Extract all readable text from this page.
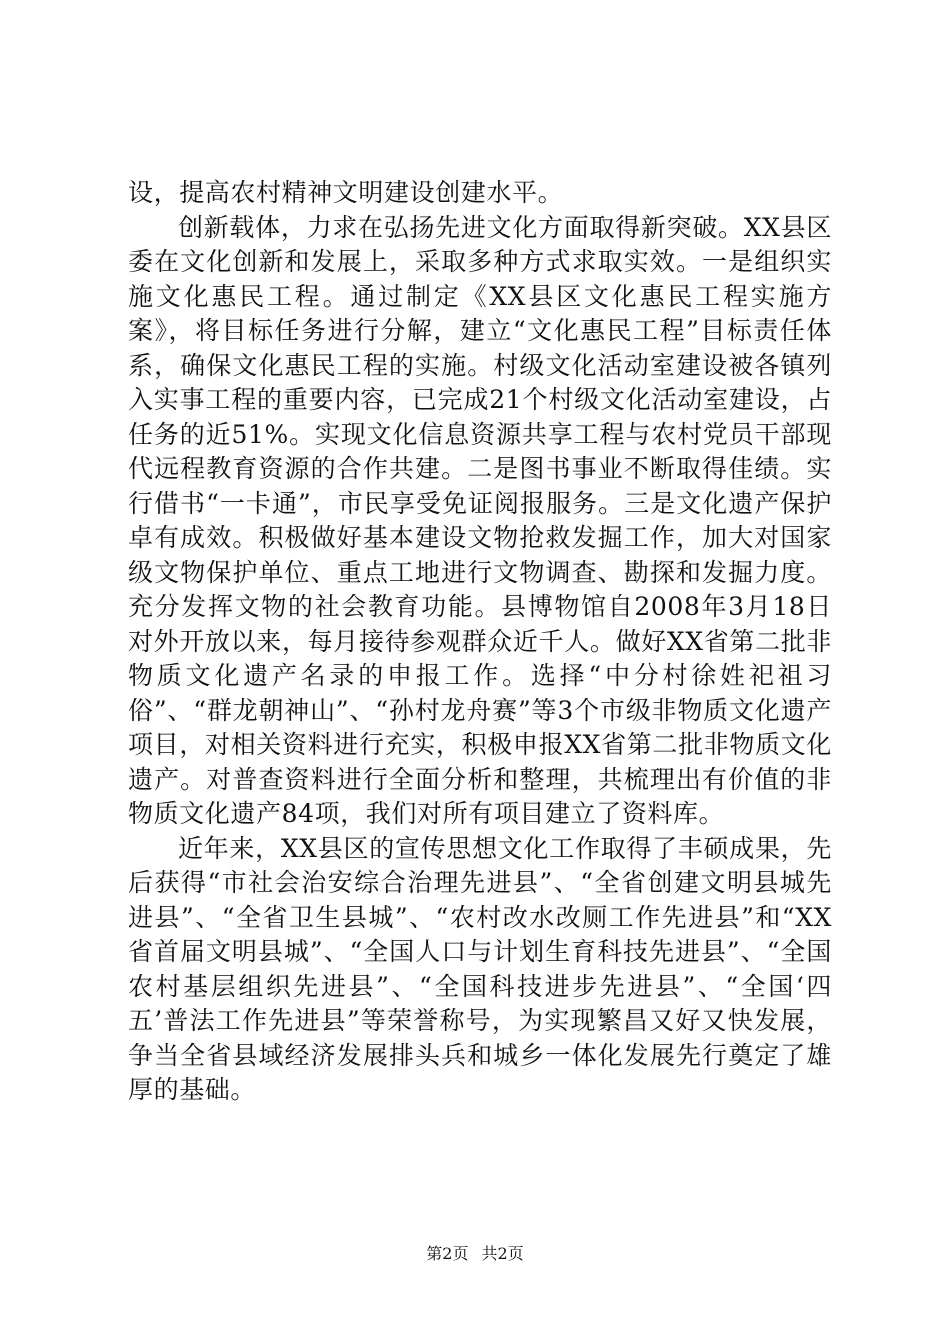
设，提高农村精神文明建设创建水平。

创新载体，力求在弘扬先进文化方面取得新突破。XX县区委在文化创新和发展上，采取多种方式求取实效。一是组织实施文化惠民工程。通过制定《XX县区文化惠民工程实施方案》，将目标任务进行分解，建立“文化惠民工程”目标责任体系，确保文化惠民工程的实施。村级文化活动室建设被各镇列入实事工程的重要内容，已完成21个村级文化活动室建设，占任务的近51%。实现文化信息资源共享工程与农村党员干部现代远程教育资源的合作共建。二是图书事业不断取得佳绩。实行借书“一卡通”，市民享受免证阅报服务。三是文化遗产保护卓有成效。积极做好基本建设文物抢救发掘工作，加大对国家级文物保护单位、重点工地进行文物调查、勘探和发掘力度。充分发挥文物的社会教育功能。县博物馆自2008年3月18日对外开放以来，每月接待参观群众近千人。做好XX省第二批非物质文化遗产名录的申报工作。选择“中分村徐姓祀祖习俗”、“群龙朝神山”、“孙村龙舟赛”等3个市级非物质文化遗产项目，对相关资料进行充实，积极申报XX省第二批非物质文化遗产。对普查资料进行全面分析和整理，共梳理出有价值的非物质文化遗产84项，我们对所有项目建立了资料库。

近年来，XX县区的宣传思想文化工作取得了丰硕成果，先后获得“市社会治安综合治理先进县”、“全省创建文明县城先进县”、“全省卫生县城”、“农村改水改厕工作先进县”和“XX省首届文明县城”、“全国人口与计划生育科技先进县”、“全国农村基层组织先进县”、“全国科技进步先进县”、“全国‘四五’普法工作先进县”等荣誉称号，为实现繁昌又好又快发展，争当全省县域经济发展排头兵和城乡一体化发展先行奠定了雄厚的基础。

第2页 共2页
